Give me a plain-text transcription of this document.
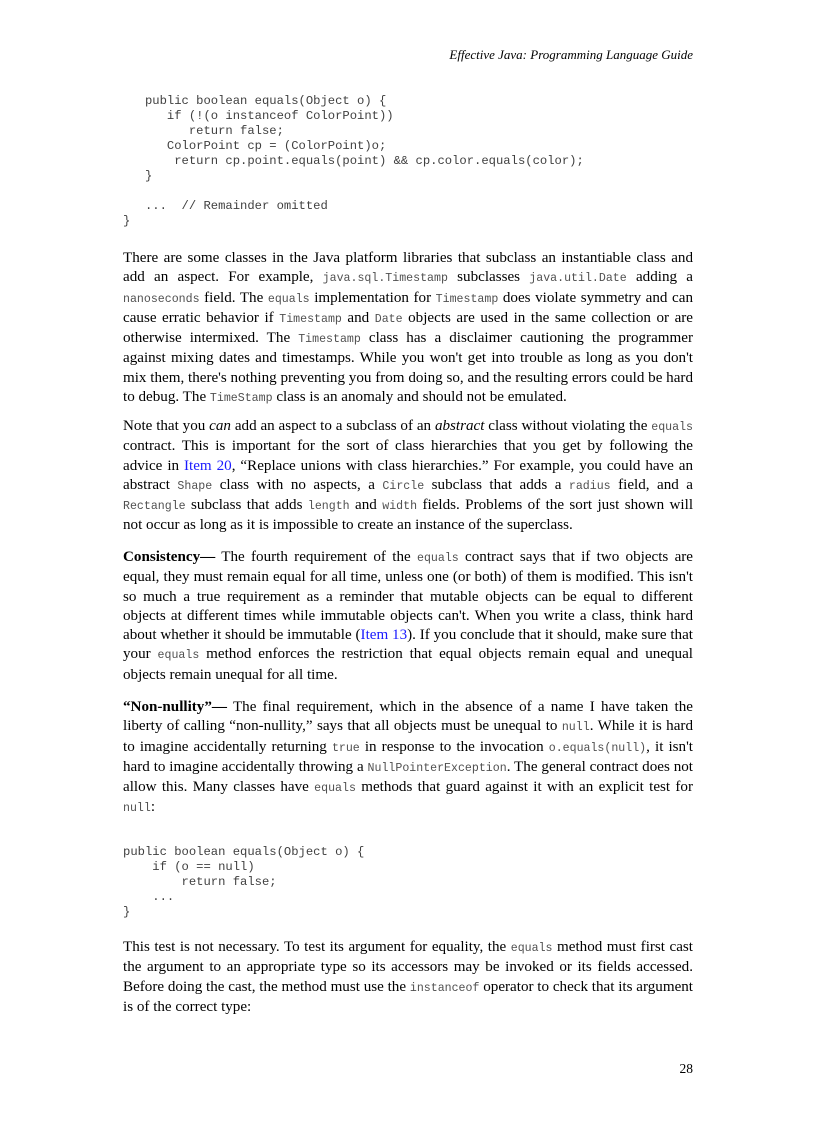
Effective Java: Programming Language Guide
public boolean equals(Object o) {
if (!(o instanceof ColorPoint))
return false;
ColorPoint cp = (ColorPoint)o;
return cp.point.equals(point) && cp.color.equals(color);
}

...  // Remainder omitted
}

There are some classes in the Java platform libraries that subclass an instantiable class and add an aspect. For example, java.sql.Timestamp subclasses java.util.Date adding a nanoseconds field. The equals implementation for Timestamp does violate symmetry and can cause erratic behavior if Timestamp and Date objects are used in the same collection or are otherwise intermixed. The Timestamp class has a disclaimer cautioning the programmer against mixing dates and timestamps. While you won't get into trouble as long as you don't mix them, there's nothing preventing you from doing so, and the resulting errors could be hard to debug. The TimeStamp class is an anomaly and should not be emulated.

Note that you can add an aspect to a subclass of an abstract class without violating the equals contract. This is important for the sort of class hierarchies that you get by following the advice in Item 20, “Replace unions with class hierarchies.” For example, you could have an abstract Shape class with no aspects, a Circle subclass that adds a radius field, and a Rectangle subclass that adds length and width fields. Problems of the sort just shown will not occur as long as it is impossible to create an instance of the superclass.

Consistency— The fourth requirement of the equals contract says that if two objects are equal, they must remain equal for all time, unless one (or both) of them is modified. This isn't so much a true requirement as a reminder that mutable objects can be equal to different objects at different times while immutable objects can't. When you write a class, think hard about whether it should be immutable (Item 13). If you conclude that it should, make sure that your equals method enforces the restriction that equal objects remain equal and unequal objects remain unequal for all time.

“Non-nullity”— The final requirement, which in the absence of a name I have taken the liberty of calling “non-nullity,” says that all objects must be unequal to null. While it is hard to imagine accidentally returning true in response to the invocation o.equals(null), it isn't hard to imagine accidentally throwing a NullPointerException. The general contract does not allow this. Many classes have equals methods that guard against it with an explicit test for null:

public boolean equals(Object o) {
if (o == null)
return false;
...
}

This test is not necessary. To test its argument for equality, the equals method must first cast the argument to an appropriate type so its accessors may be invoked or its fields accessed. Before doing the cast, the method must use the instanceof operator to check that its argument is of the correct type:

28
